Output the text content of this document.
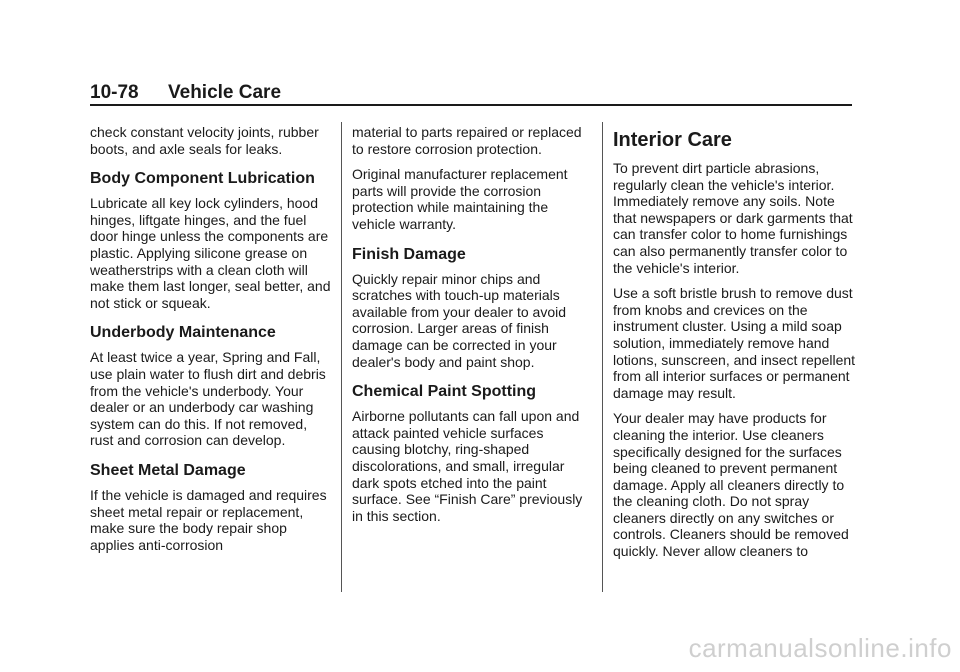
10-78	Vehicle Care

check constant velocity joints, rubber boots, and axle seals for leaks.

Body Component Lubrication

Lubricate all key lock cylinders, hood hinges, liftgate hinges, and the fuel door hinge unless the components are plastic. Applying silicone grease on weatherstrips with a clean cloth will make them last longer, seal better, and not stick or squeak.

Underbody Maintenance

At least twice a year, Spring and Fall, use plain water to flush dirt and debris from the vehicle's underbody. Your dealer or an underbody car washing system can do this. If not removed, rust and corrosion can develop.

Sheet Metal Damage

If the vehicle is damaged and requires sheet metal repair or replacement, make sure the body repair shop applies anti-corrosion

material to parts repaired or replaced to restore corrosion protection.

Original manufacturer replacement parts will provide the corrosion protection while maintaining the vehicle warranty.

Finish Damage

Quickly repair minor chips and scratches with touch-up materials available from your dealer to avoid corrosion. Larger areas of finish damage can be corrected in your dealer's body and paint shop.

Chemical Paint Spotting

Airborne pollutants can fall upon and attack painted vehicle surfaces causing blotchy, ring-shaped discolorations, and small, irregular dark spots etched into the paint surface. See “Finish Care” previously in this section.

Interior Care

To prevent dirt particle abrasions, regularly clean the vehicle's interior. Immediately remove any soils. Note that newspapers or dark garments that can transfer color to home furnishings can also permanently transfer color to the vehicle's interior.

Use a soft bristle brush to remove dust from knobs and crevices on the instrument cluster. Using a mild soap solution, immediately remove hand lotions, sunscreen, and insect repellent from all interior surfaces or permanent damage may result.

Your dealer may have products for cleaning the interior. Use cleaners specifically designed for the surfaces being cleaned to prevent permanent damage. Apply all cleaners directly to the cleaning cloth. Do not spray cleaners directly on any switches or controls. Cleaners should be removed quickly. Never allow cleaners to

carmanualsonline.info
